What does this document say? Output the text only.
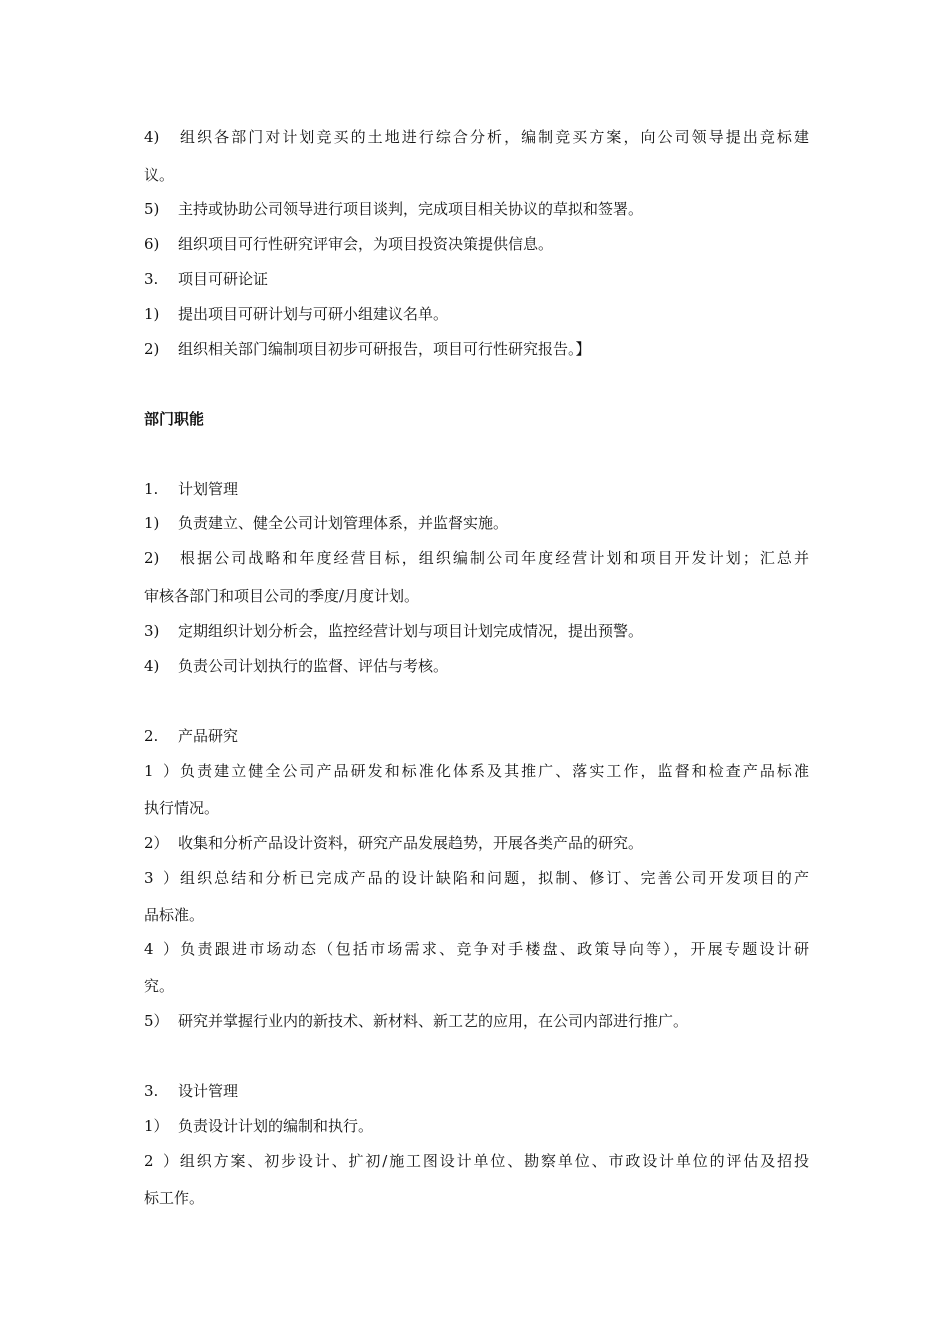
4) 组织各部门对计划竞买的土地进行综合分析，编制竞买方案，向公司领导提出竞标建
议。
5) 主持或协助公司领导进行项目谈判，完成项目相关协议的草拟和签署。
6) 组织项目可行性研究评审会，为项目投资决策提供信息。
3. 项目可研论证
1) 提出项目可研计划与可研小组建议名单。
2) 组织相关部门编制项目初步可研报告，项目可行性研究报告。】
部门职能
1. 计划管理
1) 负责建立、健全公司计划管理体系，并监督实施。
2) 根据公司战略和年度经营目标，组织编制公司年度经营计划和项目开发计划；汇总并
审核各部门和项目公司的季度/月度计划。
3) 定期组织计划分析会，监控经营计划与项目计划完成情况，提出预警。
4) 负责公司计划执行的监督、评估与考核。
2. 产品研究
1）负责建立健全公司产品研发和标准化体系及其推广、落实工作，监督和检查产品标准
执行情况。
2） 收集和分析产品设计资料，研究产品发展趋势，开展各类产品的研究。
3）组织总结和分析已完成产品的设计缺陷和问题，拟制、修订、完善公司开发项目的产
品标准。
4）负责跟进市场动态（包括市场需求、竞争对手楼盘、政策导向等），开展专题设计研
究。
5） 研究并掌握行业内的新技术、新材料、新工艺的应用，在公司内部进行推广。
3. 设计管理
1） 负责设计计划的编制和执行。
2）组织方案、初步设计、扩初/施工图设计单位、勘察单位、市政设计单位的评估及招投
标工作。
